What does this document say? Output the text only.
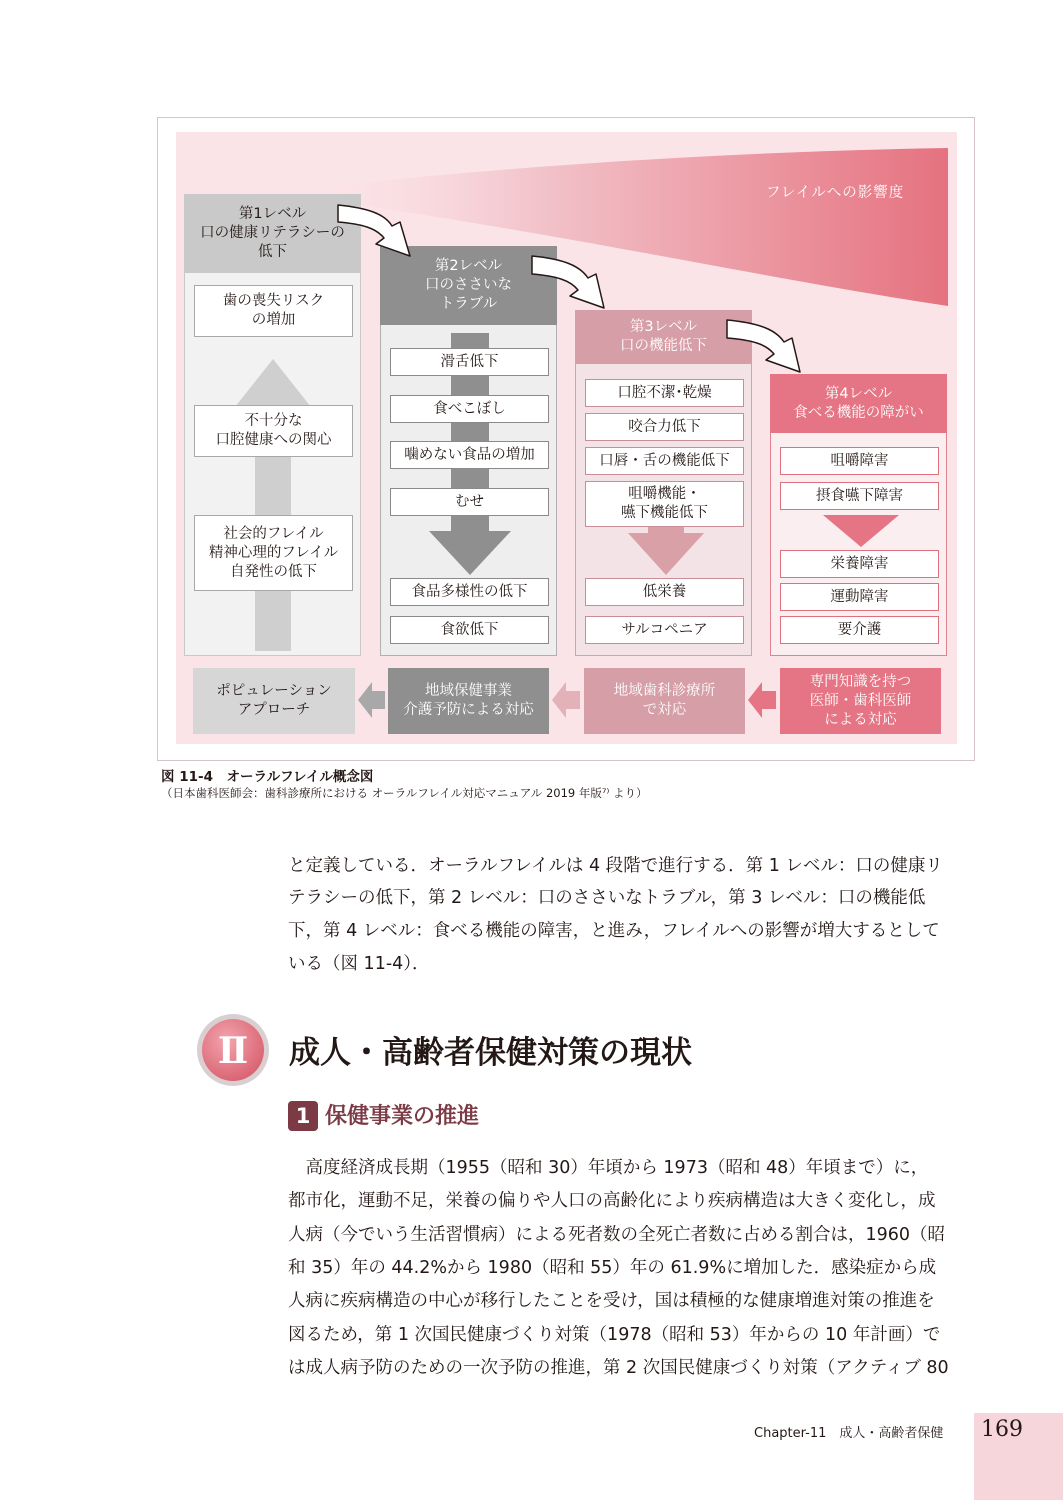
フレイルへの影響度
第1レベル
口の健康リテラシーの
低下
歯の喪失リスク
の増加
不十分な
口腔健康への関心
社会的フレイル
精神心理的フレイル
自発性の低下
第2レベル
口のささいな
トラブル
滑舌低下
食べこぼし
噛めない食品の増加
むせ
食品多様性の低下
食欲低下
第3レベル
口の機能低下
口腔不潔･乾燥
咬合力低下
口唇・舌の機能低下
咀嚼機能・
嚥下機能低下
低栄養
サルコペニア
第4レベル
食べる機能の障がい
咀嚼障害
摂食嚥下障害
栄養障害
運動障害
要介護
ポピュレーション
アプローチ
地域保健事業
介護予防による対応
地域歯科診療所
で対応
専門知識を持つ
医師・歯科医師
による対応
図 11-4　オーラルフレイル概念図
（日本歯科医師会：歯科診療所における オーラルフレイル対応マニュアル 2019 年版⁷⁾ より）
と定義している．オーラルフレイルは 4 段階で進行する．第 1 レベル：口の健康リ
テラシーの低下，第 2 レベル：口のささいなトラブル，第 3 レベル：口の機能低
下，第 4 レベル：食べる機能の障害，と進み，フレイルへの影響が増大するとして
いる（図 11-4）．
Ⅱ 成人・高齢者保健対策の現状
1 保健事業の推進
　高度経済成長期（1955（昭和 30）年頃から 1973（昭和 48）年頃まで）に，
都市化，運動不足，栄養の偏りや人口の高齢化により疾病構造は大きく変化し，成
人病（今でいう生活習慣病）による死者数の全死亡者数に占める割合は，1960（昭
和 35）年の 44.2%から 1980（昭和 55）年の 61.9%に増加した．感染症から成
人病に疾病構造の中心が移行したことを受け，国は積極的な健康増進対策の推進を
図るため，第 1 次国民健康づくり対策（1978（昭和 53）年からの 10 年計画）で
は成人病予防のための一次予防の推進，第 2 次国民健康づくり対策（アクティブ 80
Chapter-11　成人・高齢者保健 169
